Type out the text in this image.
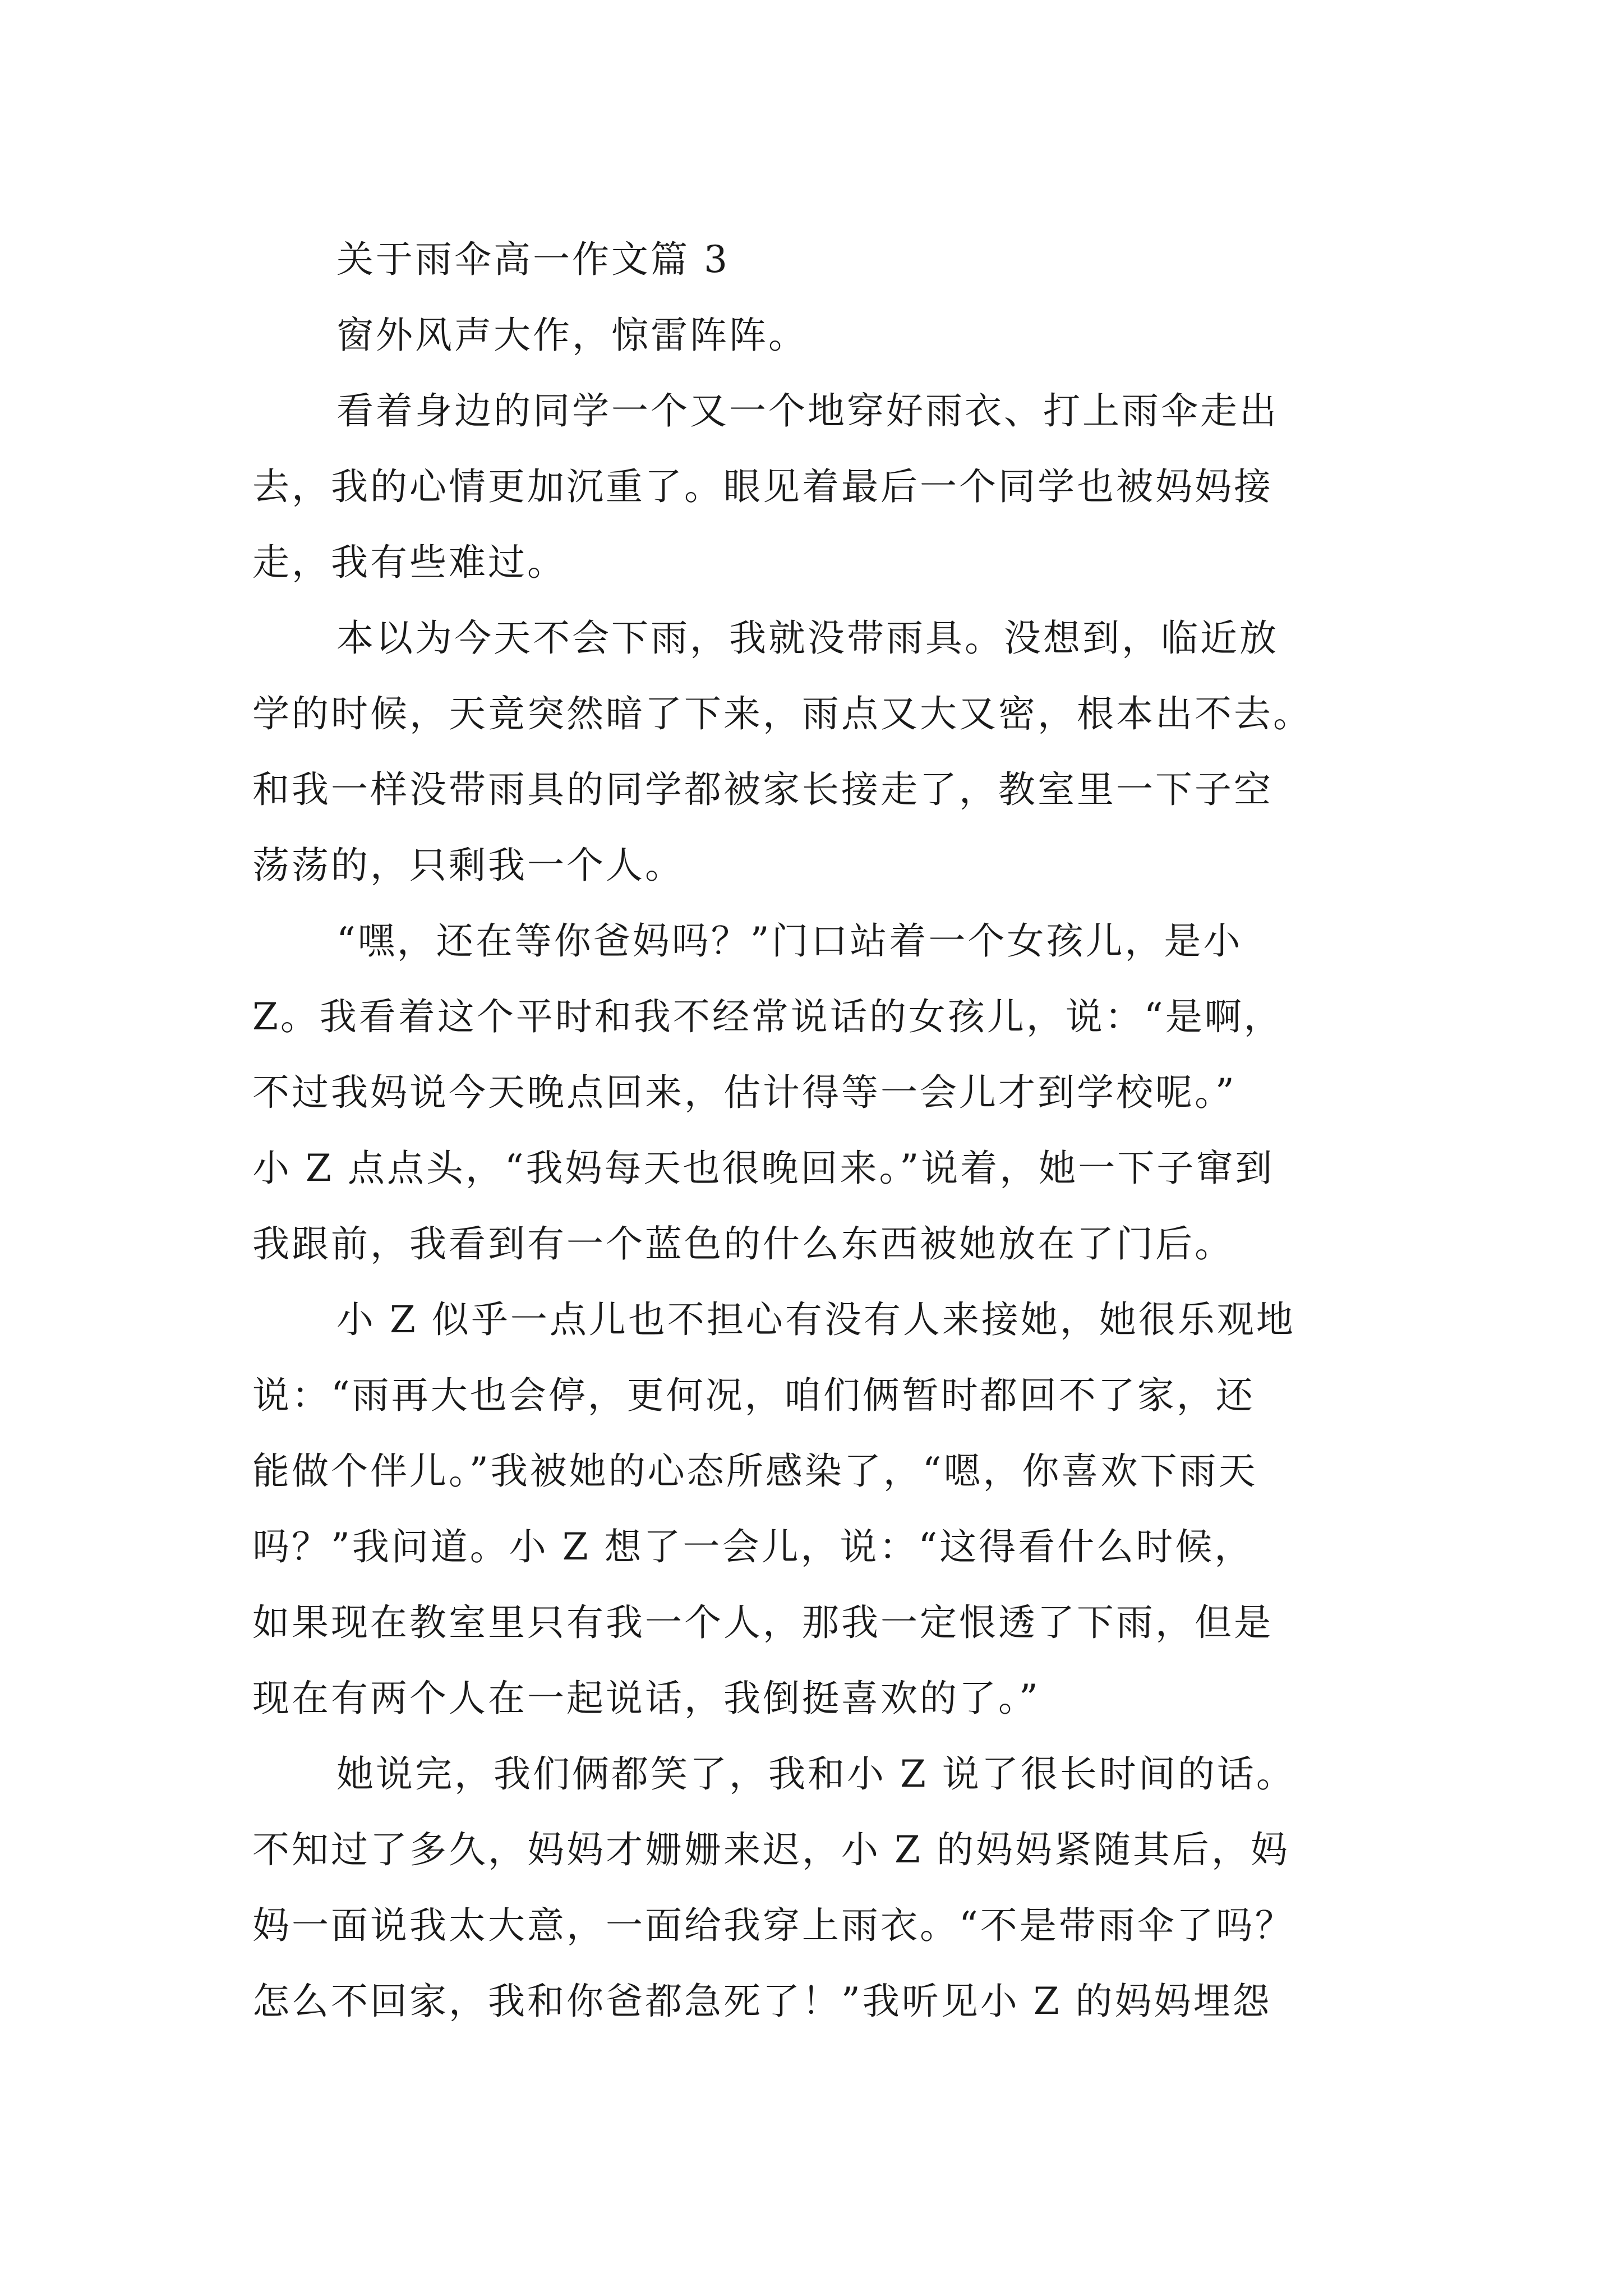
关于雨伞高一作文篇 3
窗外风声大作，惊雷阵阵。
看着身边的同学一个又一个地穿好雨衣、打上雨伞走出
去，我的心情更加沉重了。眼见着最后一个同学也被妈妈接
走，我有些难过。
本以为今天不会下雨，我就没带雨具。没想到，临近放
学的时候，天竟突然暗了下来，雨点又大又密，根本出不去。
和我一样没带雨具的同学都被家长接走了，教室里一下子空
荡荡的，只剩我一个人。
“嘿，还在等你爸妈吗？”门口站着一个女孩儿，是小
Z。我看着这个平时和我不经常说话的女孩儿，说：“是啊，
不过我妈说今天晚点回来，估计得等一会儿才到学校呢。”
小 Z 点点头，“我妈每天也很晚回来。”说着，她一下子窜到
我跟前，我看到有一个蓝色的什么东西被她放在了门后。
小 Z 似乎一点儿也不担心有没有人来接她，她很乐观地
说：“雨再大也会停，更何况，咱们俩暂时都回不了家，还
能做个伴儿。”我被她的心态所感染了，“嗯，你喜欢下雨天
吗？”我问道。小 Z 想了一会儿，说：“这得看什么时候，
如果现在教室里只有我一个人，那我一定恨透了下雨，但是
现在有两个人在一起说话，我倒挺喜欢的了。”
她说完，我们俩都笑了，我和小 Z 说了很长时间的话。
不知过了多久，妈妈才姗姗来迟，小 Z 的妈妈紧随其后，妈
妈一面说我太大意，一面给我穿上雨衣。“不是带雨伞了吗？
怎么不回家，我和你爸都急死了！”我听见小 Z 的妈妈埋怨
